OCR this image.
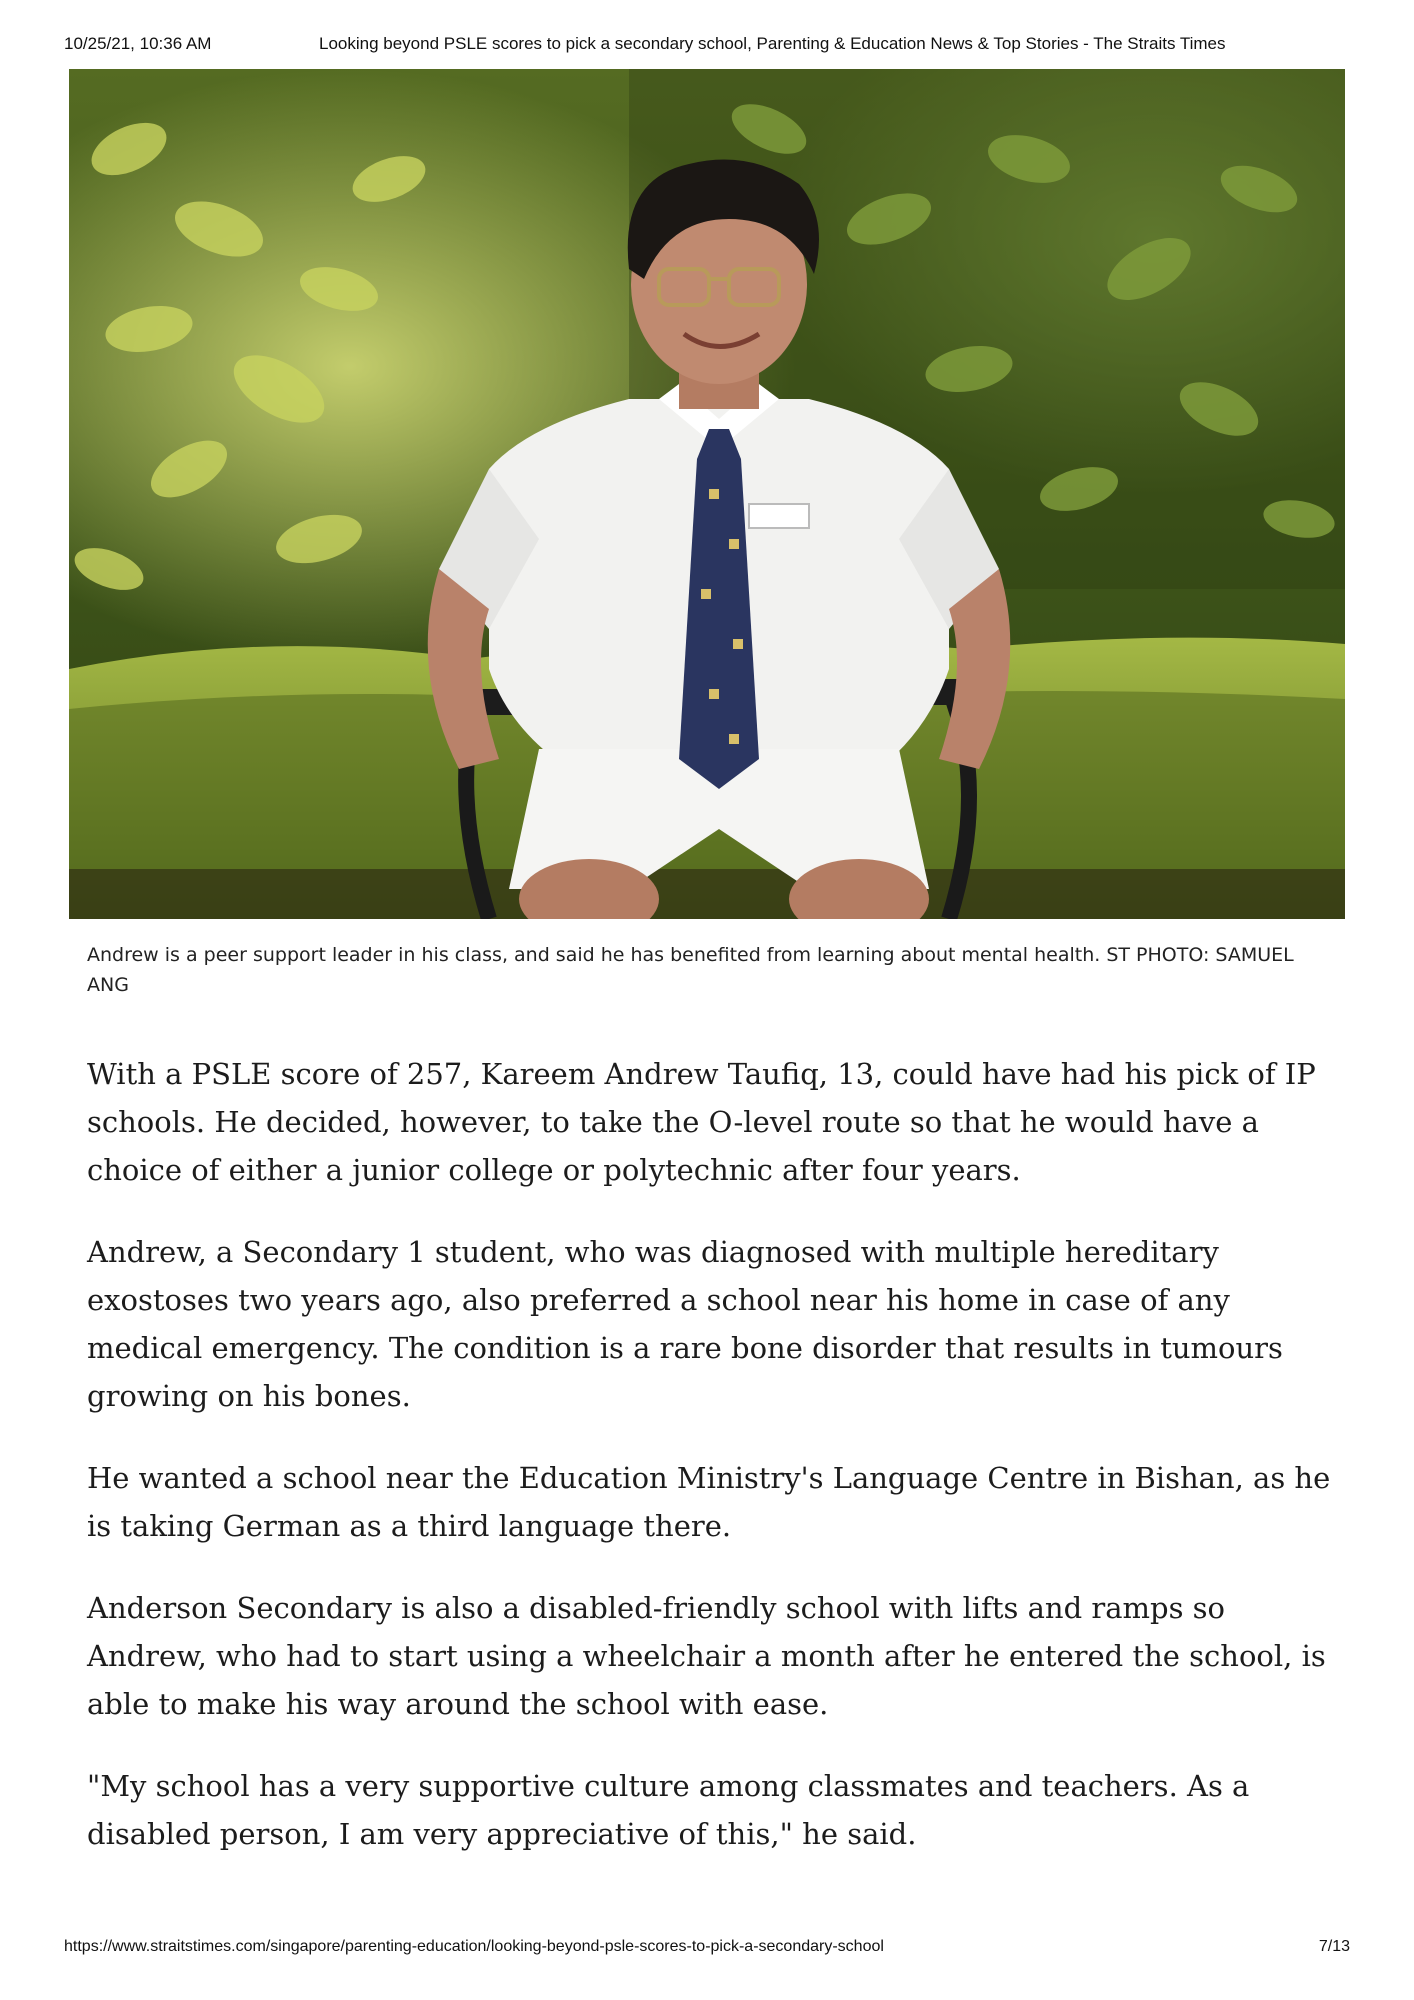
10/25/21, 10:36 AM	Looking beyond PSLE scores to pick a secondary school, Parenting & Education News & Top Stories - The Straits Times
Andrew is a peer support leader in his class, and said he has benefited from learning about mental health. ST PHOTO: SAMUEL ANG

With a PSLE score of 257, Kareem Andrew Taufiq, 13, could have had his pick of IP schools. He decided, however, to take the O-level route so that he would have a choice of either a junior college or polytechnic after four years.

Andrew, a Secondary 1 student, who was diagnosed with multiple hereditary exostoses two years ago, also preferred a school near his home in case of any medical emergency. The condition is a rare bone disorder that results in tumours growing on his bones.

He wanted a school near the Education Ministry's Language Centre in Bishan, as he is taking German as a third language there.

Anderson Secondary is also a disabled-friendly school with lifts and ramps so Andrew, who had to start using a wheelchair a month after he entered the school, is able to make his way around the school with ease.

"My school has a very supportive culture among classmates and teachers. As a disabled person, I am very appreciative of this," he said.

https://www.straitstimes.com/singapore/parenting-education/looking-beyond-psle-scores-to-pick-a-secondary-school	7/13
